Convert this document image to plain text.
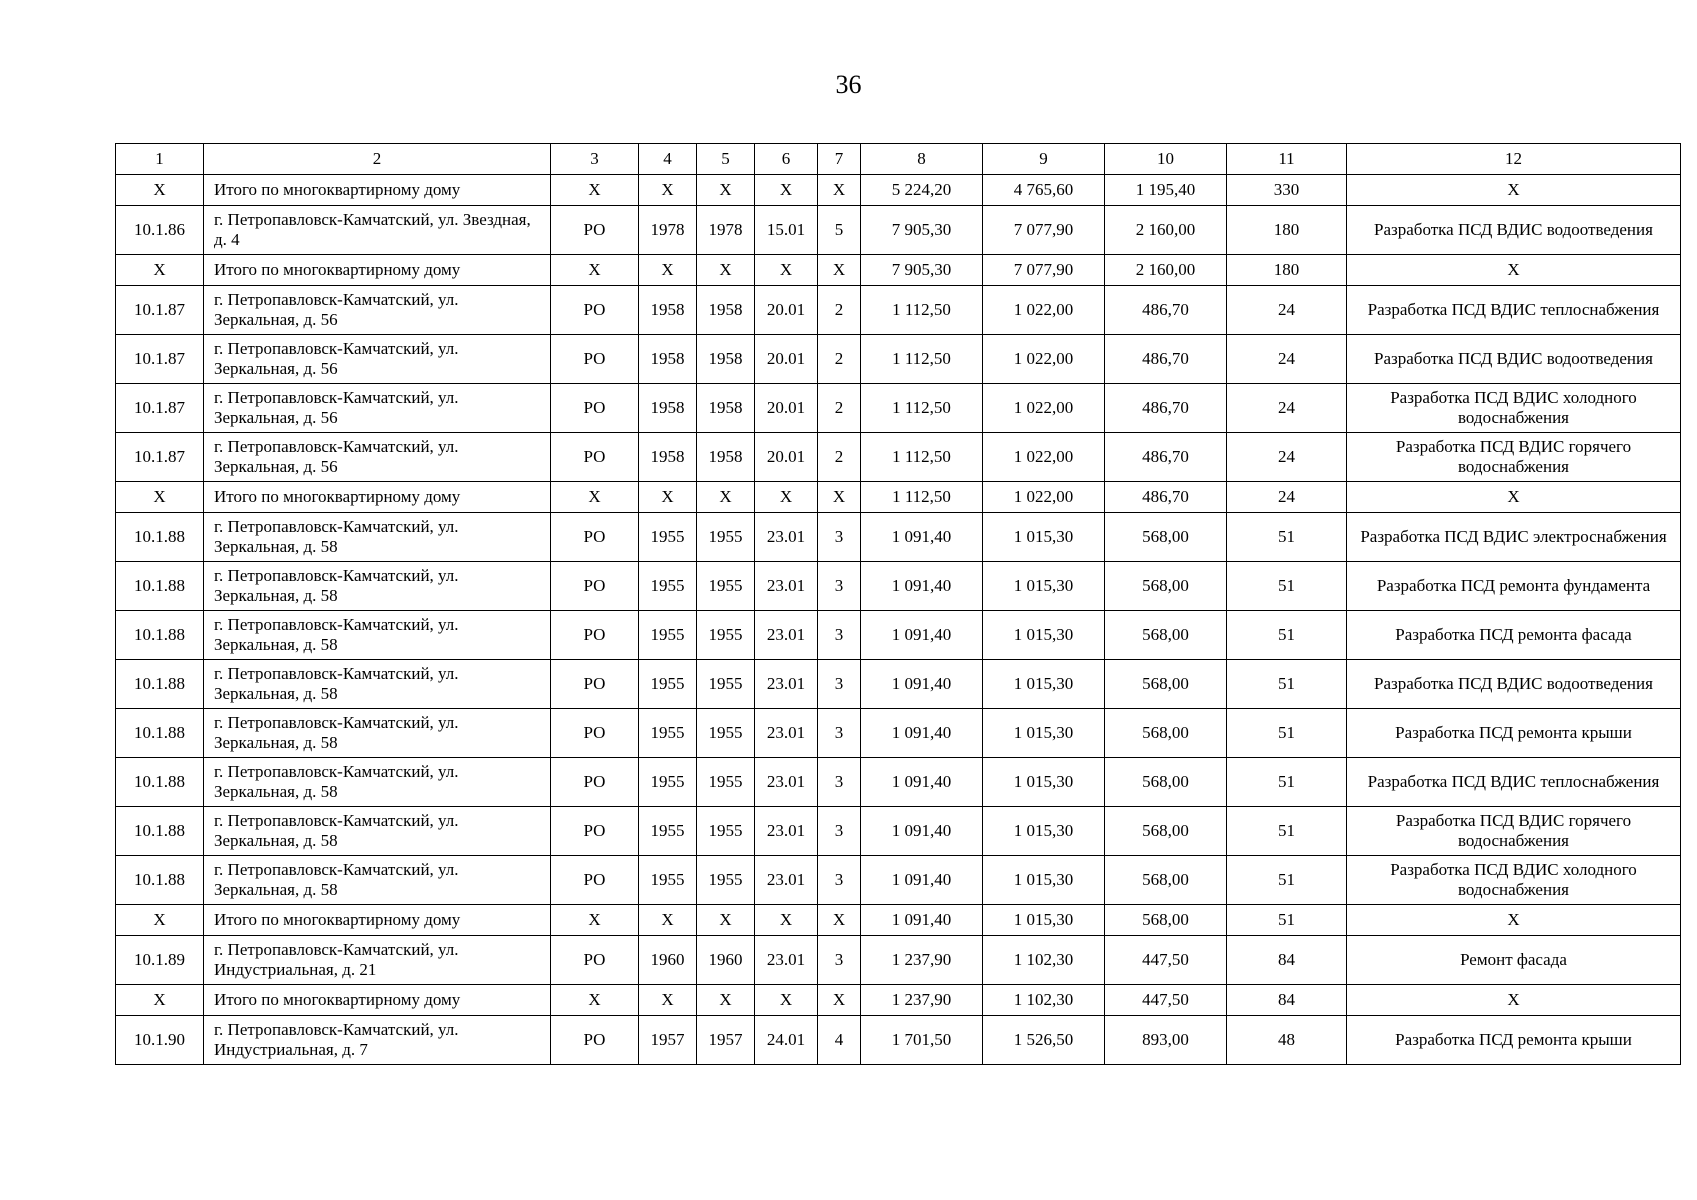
36
1	2	3	4	5	6	7	8	9	10	11	12
X	Итого по многоквартирному дому	X	X	X	X	X	5 224,20	4 765,60	1 195,40	330	X
10.1.86	г. Петропавловск-Камчатский, ул. Звездная, д. 4	РО	1978	1978	15.01	5	7 905,30	7 077,90	2 160,00	180	Разработка ПСД ВДИС водоотведения
X	Итого по многоквартирному дому	X	X	X	X	X	7 905,30	7 077,90	2 160,00	180	X
10.1.87	г. Петропавловск-Камчатский, ул. Зеркальная, д. 56	РО	1958	1958	20.01	2	1 112,50	1 022,00	486,70	24	Разработка ПСД ВДИС теплоснабжения
10.1.87	г. Петропавловск-Камчатский, ул. Зеркальная, д. 56	РО	1958	1958	20.01	2	1 112,50	1 022,00	486,70	24	Разработка ПСД ВДИС водоотведения
10.1.87	г. Петропавловск-Камчатский, ул. Зеркальная, д. 56	РО	1958	1958	20.01	2	1 112,50	1 022,00	486,70	24	Разработка ПСД ВДИС холодного водоснабжения
10.1.87	г. Петропавловск-Камчатский, ул. Зеркальная, д. 56	РО	1958	1958	20.01	2	1 112,50	1 022,00	486,70	24	Разработка ПСД ВДИС горячего водоснабжения
X	Итого по многоквартирному дому	X	X	X	X	X	1 112,50	1 022,00	486,70	24	X
10.1.88	г. Петропавловск-Камчатский, ул. Зеркальная, д. 58	РО	1955	1955	23.01	3	1 091,40	1 015,30	568,00	51	Разработка ПСД ВДИС электроснабжения
10.1.88	г. Петропавловск-Камчатский, ул. Зеркальная, д. 58	РО	1955	1955	23.01	3	1 091,40	1 015,30	568,00	51	Разработка ПСД ремонта фундамента
10.1.88	г. Петропавловск-Камчатский, ул. Зеркальная, д. 58	РО	1955	1955	23.01	3	1 091,40	1 015,30	568,00	51	Разработка ПСД ремонта фасада
10.1.88	г. Петропавловск-Камчатский, ул. Зеркальная, д. 58	РО	1955	1955	23.01	3	1 091,40	1 015,30	568,00	51	Разработка ПСД ВДИС водоотведения
10.1.88	г. Петропавловск-Камчатский, ул. Зеркальная, д. 58	РО	1955	1955	23.01	3	1 091,40	1 015,30	568,00	51	Разработка ПСД ремонта крыши
10.1.88	г. Петропавловск-Камчатский, ул. Зеркальная, д. 58	РО	1955	1955	23.01	3	1 091,40	1 015,30	568,00	51	Разработка ПСД ВДИС теплоснабжения
10.1.88	г. Петропавловск-Камчатский, ул. Зеркальная, д. 58	РО	1955	1955	23.01	3	1 091,40	1 015,30	568,00	51	Разработка ПСД ВДИС горячего водоснабжения
10.1.88	г. Петропавловск-Камчатский, ул. Зеркальная, д. 58	РО	1955	1955	23.01	3	1 091,40	1 015,30	568,00	51	Разработка ПСД ВДИС холодного водоснабжения
X	Итого по многоквартирному дому	X	X	X	X	X	1 091,40	1 015,30	568,00	51	X
10.1.89	г. Петропавловск-Камчатский, ул. Индустриальная, д. 21	РО	1960	1960	23.01	3	1 237,90	1 102,30	447,50	84	Ремонт фасада
X	Итого по многоквартирному дому	X	X	X	X	X	1 237,90	1 102,30	447,50	84	X
10.1.90	г. Петропавловск-Камчатский, ул. Индустриальная, д. 7	РО	1957	1957	24.01	4	1 701,50	1 526,50	893,00	48	Разработка ПСД ремонта крыши
